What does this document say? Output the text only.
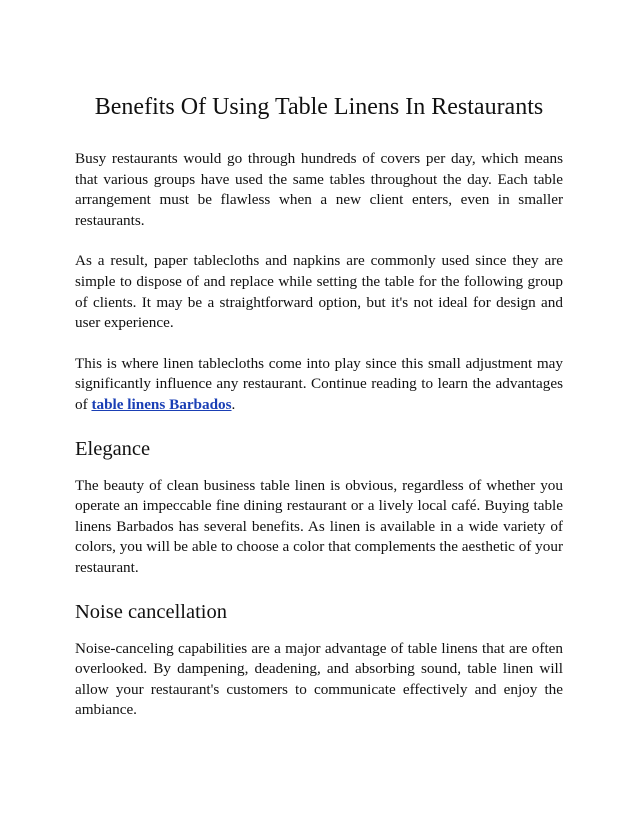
Benefits Of Using Table Linens In Restaurants

Busy restaurants would go through hundreds of covers per day, which means that various groups have used the same tables throughout the day. Each table arrangement must be flawless when a new client enters, even in smaller restaurants.

As a result, paper tablecloths and napkins are commonly used since they are simple to dispose of and replace while setting the table for the following group of clients. It may be a straightforward option, but it's not ideal for design and user experience.

This is where linen tablecloths come into play since this small adjustment may significantly influence any restaurant. Continue reading to learn the advantages of table linens Barbados.

Elegance

The beauty of clean business table linen is obvious, regardless of whether you operate an impeccable fine dining restaurant or a lively local café. Buying table linens Barbados has several benefits. As linen is available in a wide variety of colors, you will be able to choose a color that complements the aesthetic of your restaurant.

Noise cancellation

Noise-canceling capabilities are a major advantage of table linens that are often overlooked. By dampening, deadening, and absorbing sound, table linen will allow your restaurant's customers to communicate effectively and enjoy the ambiance.
